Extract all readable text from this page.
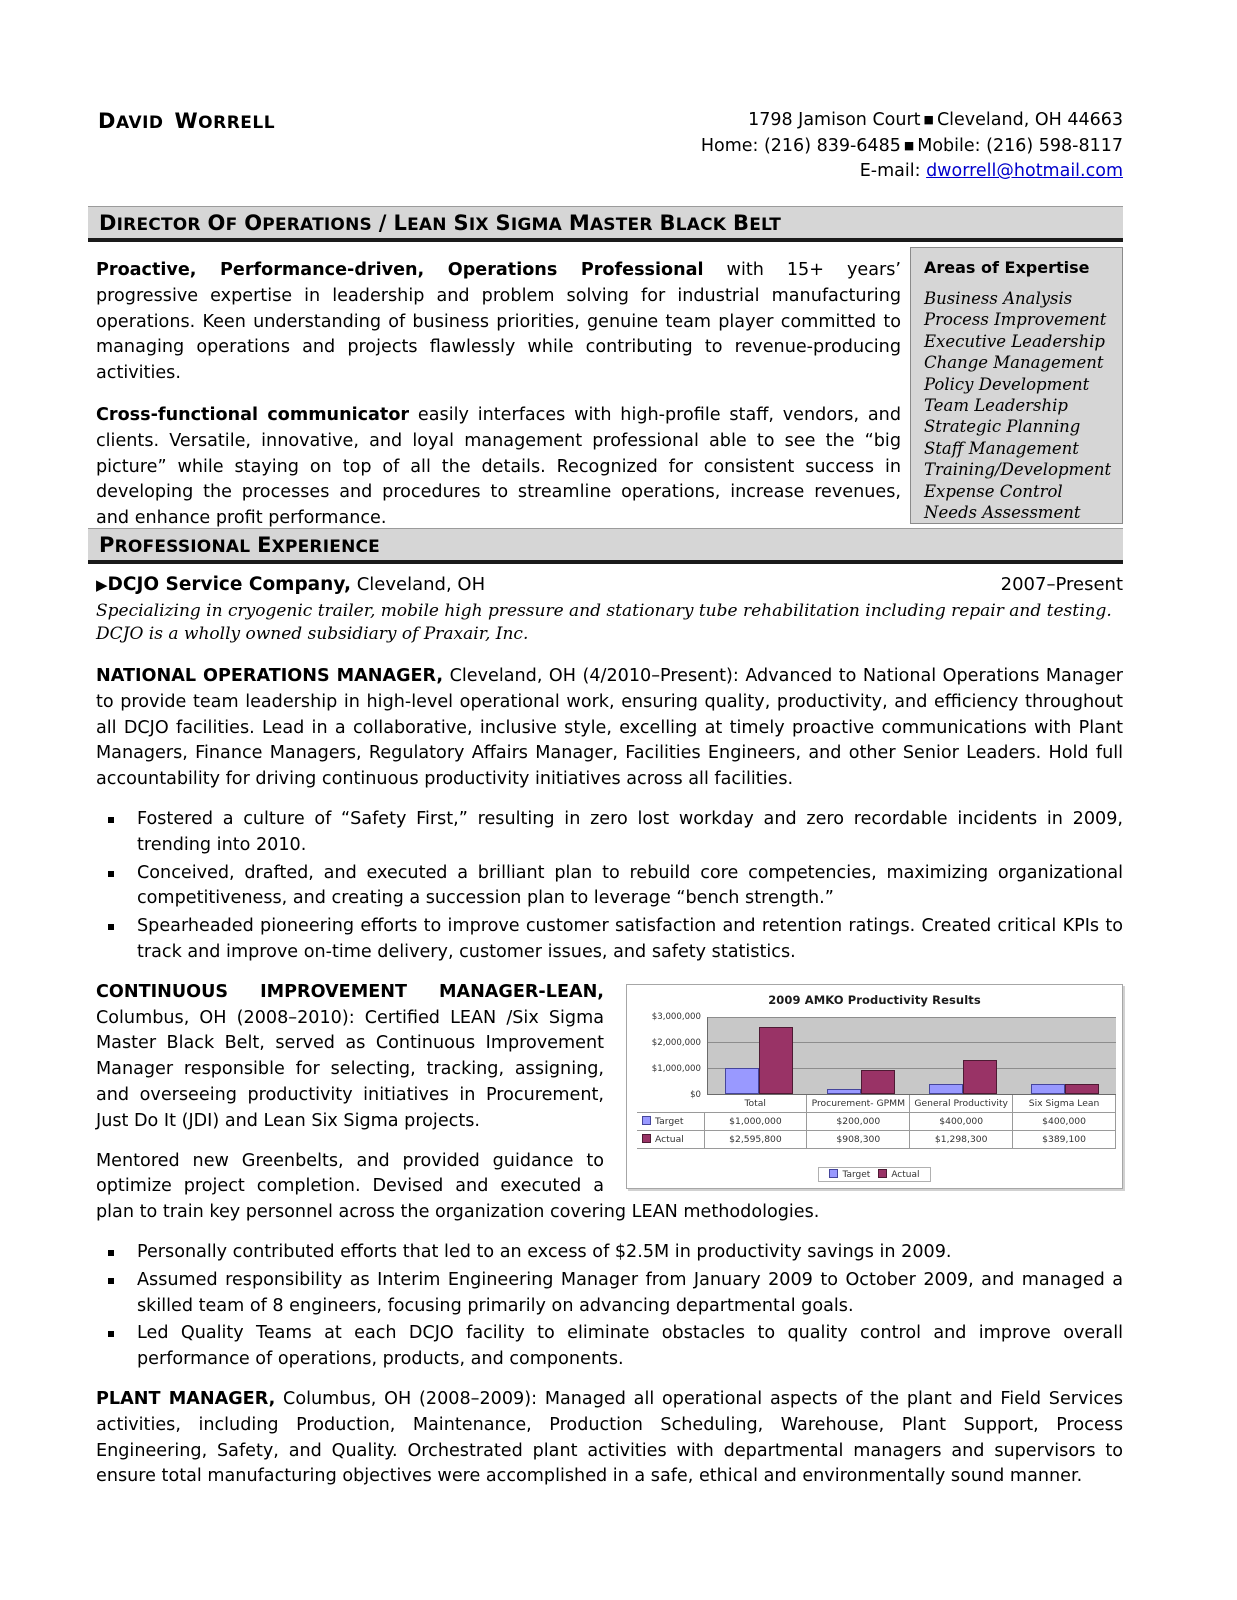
DAVID WORRELL	1798 Jamison Court ■ Cleveland, OH 44663
Home: (216) 839-6485 ■ Mobile: (216) 598-8117
E-mail: dworrell@hotmail.com
DIRECTOR OF OPERATIONS / LEAN SIX SIGMA MASTER BLACK BELT

Proactive, Performance-driven, Operations Professional with 15+ years’ progressive expertise in leadership and problem solving for industrial manufacturing operations. Keen understanding of business priorities, genuine team player committed to managing operations and projects flawlessly while contributing to revenue-producing activities.

Cross-functional communicator easily interfaces with high-profile staff, vendors, and clients. Versatile, innovative, and loyal management professional able to see the “big picture” while staying on top of all the details. Recognized for consistent success in developing the processes and procedures to streamline operations, increase revenues, and enhance profit performance.

Areas of Expertise
Business Analysis
Process Improvement
Executive Leadership
Change Management
Policy Development
Team Leadership
Strategic Planning
Staff Management
Training/Development
Expense Control
Needs Assessment
PROFESSIONAL EXPERIENCE
▶DCJO Service Company, Cleveland, OH	2007–Present
Specializing in cryogenic trailer, mobile high pressure and stationary tube rehabilitation including repair and testing. DCJO is a wholly owned subsidiary of Praxair, Inc.

NATIONAL OPERATIONS MANAGER, Cleveland, OH (4/2010–Present): Advanced to National Operations Manager to provide team leadership in high-level operational work, ensuring quality, productivity, and efficiency throughout all DCJO facilities. Lead in a collaborative, inclusive style, excelling at timely proactive communications with Plant Managers, Finance Managers, Regulatory Affairs Manager, Facilities Engineers, and other Senior Leaders. Hold full accountability for driving continuous productivity initiatives across all facilities.

Fostered a culture of “Safety First,” resulting in zero lost workday and zero recordable incidents in 2009, trending into 2010.
Conceived, drafted, and executed a brilliant plan to rebuild core competencies, maximizing organizational competitiveness, and creating a succession plan to leverage “bench strength.”
Spearheaded pioneering efforts to improve customer satisfaction and retention ratings. Created critical KPIs to track and improve on-time delivery, customer issues, and safety statistics.
2009 AMKO Productivity Results
$0
$1,000,000
$2,000,000
$3,000,000
	Total	Procurement- GPMM	General Productivity	Six Sigma Lean
Target	$1,000,000	$200,000	$400,000	$400,000
Actual	$2,595,800	$908,300	$1,298,300	$389,100
Target Actual

CONTINUOUS IMPROVEMENT MANAGER-LEAN, Columbus, OH (2008–2010): Certified LEAN /Six Sigma Master Black Belt, served as Continuous Improvement Manager responsible for selecting, tracking, assigning, and overseeing productivity initiatives in Procurement, Just Do It (JDI) and Lean Six Sigma projects.

Mentored new Greenbelts, and provided guidance to optimize project completion. Devised and executed a plan to train key personnel across the organization covering LEAN methodologies.

Personally contributed efforts that led to an excess of $2.5M in productivity savings in 2009.
Assumed responsibility as Interim Engineering Manager from January 2009 to October 2009, and managed a skilled team of 8 engineers, focusing primarily on advancing departmental goals.
Led Quality Teams at each DCJO facility to eliminate obstacles to quality control and improve overall performance of operations, products, and components.

PLANT MANAGER, Columbus, OH (2008–2009): Managed all operational aspects of the plant and Field Services activities, including Production, Maintenance, Production Scheduling, Warehouse, Plant Support, Process Engineering, Safety, and Quality. Orchestrated plant activities with departmental managers and supervisors to ensure total manufacturing objectives were accomplished in a safe, ethical and environmentally sound manner.
